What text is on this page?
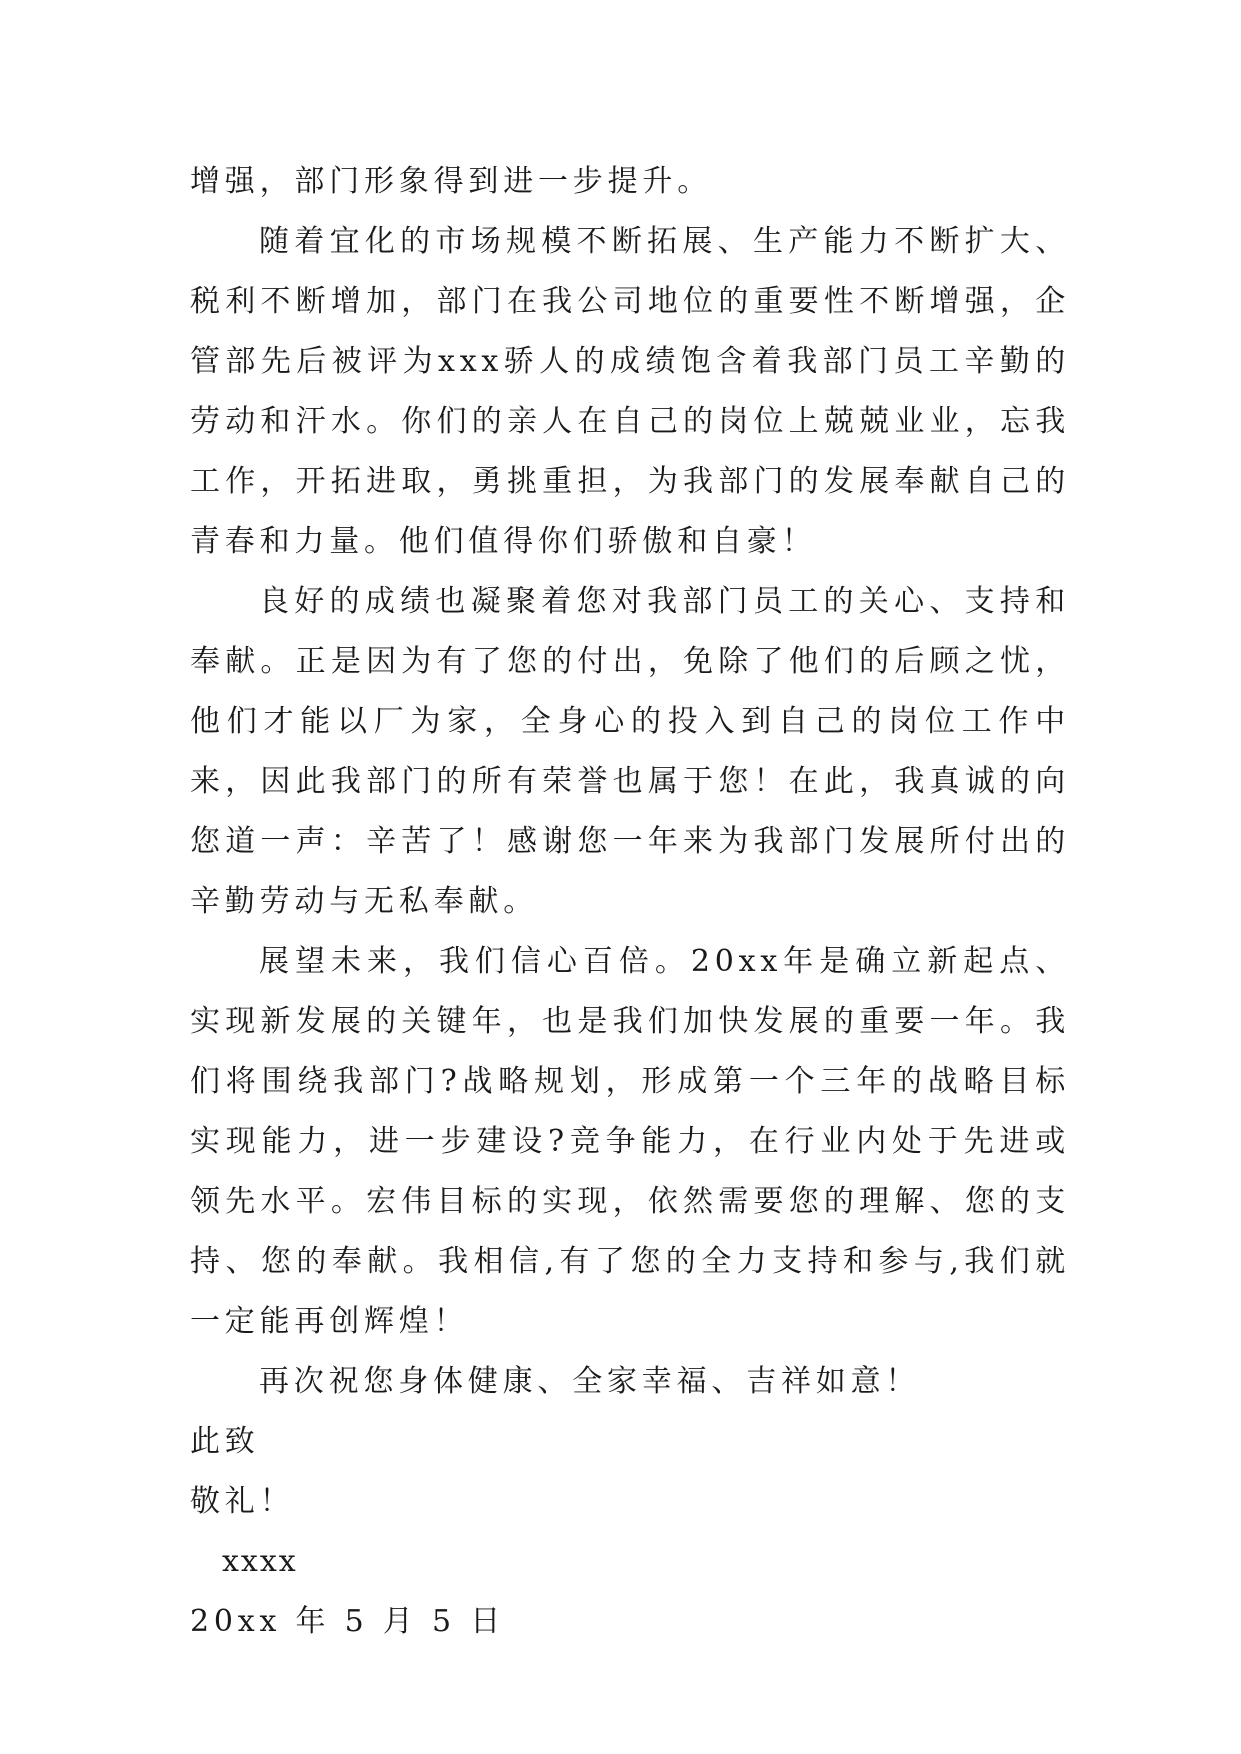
增强，部门形象得到进一步提升。

随着宜化的市场规模不断拓展、生产能力不断扩大、税利不断增加，部门在我公司地位的重要性不断增强，企管部先后被评为xxx骄人的成绩饱含着我部门员工辛勤的劳动和汗水。你们的亲人在自己的岗位上兢兢业业，忘我工作，开拓进取，勇挑重担，为我部门的发展奉献自己的青春和力量。他们值得你们骄傲和自豪！

良好的成绩也凝聚着您对我部门员工的关心、支持和奉献。正是因为有了您的付出，免除了他们的后顾之忧，他们才能以厂为家，全身心的投入到自己的岗位工作中来，因此我部门的所有荣誉也属于您！在此，我真诚的向您道一声：辛苦了！感谢您一年来为我部门发展所付出的辛勤劳动与无私奉献。

展望未来，我们信心百倍。20xx年是确立新起点、实现新发展的关键年，也是我们加快发展的重要一年。我们将围绕我部门?战略规划，形成第一个三年的战略目标实现能力，进一步建设?竞争能力，在行业内处于先进或领先水平。宏伟目标的实现，依然需要您的理解、您的支持、您的奉献。我相信,有了您的全力支持和参与,我们就一定能再创辉煌！

再次祝您身体健康、全家幸福、吉祥如意！

此致

敬礼！

xxxx

20xx 年 5 月 5 日
